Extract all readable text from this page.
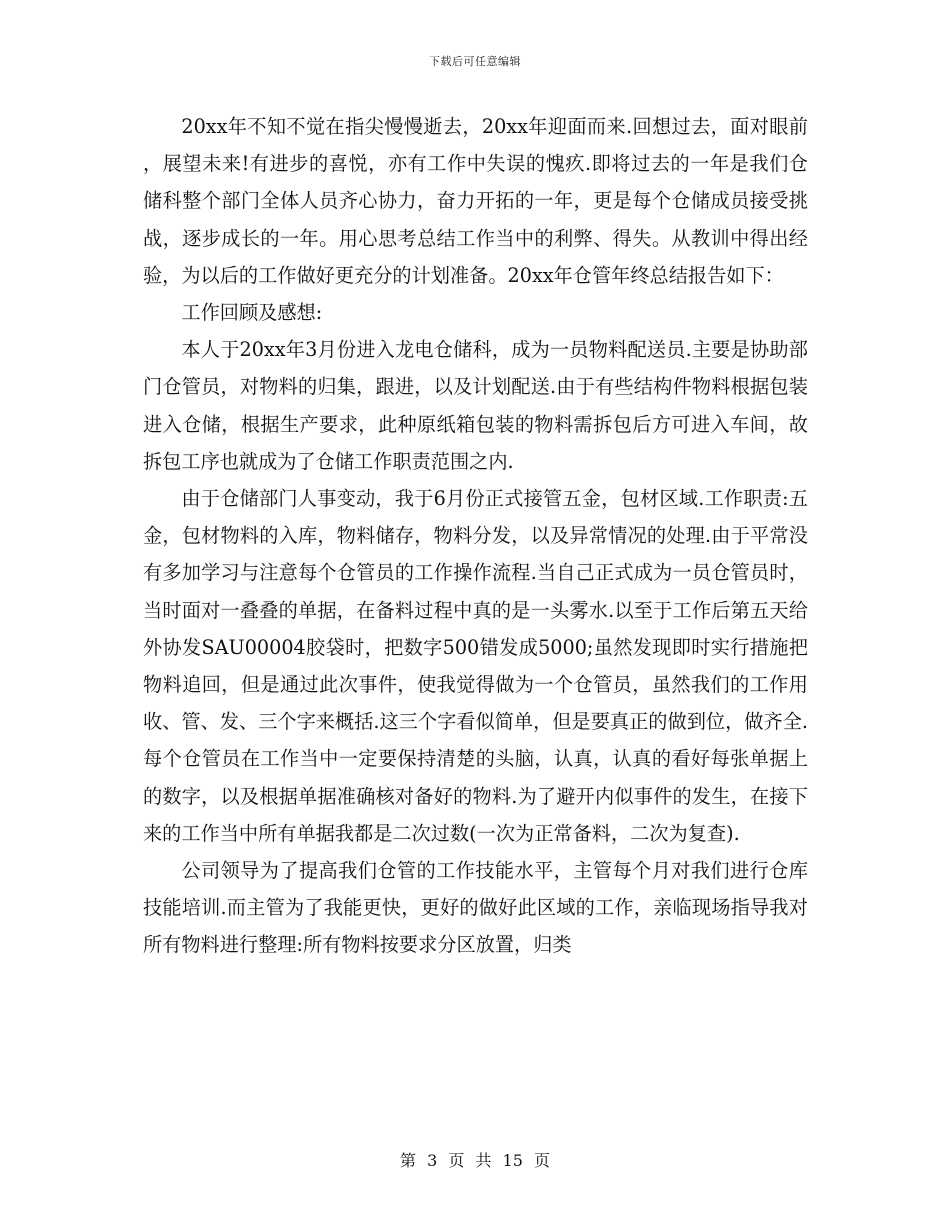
下载后可任意编辑

20xx年不知不觉在指尖慢慢逝去，20xx年迎面而来.回想过去，面对眼前，展望未来!有进步的喜悦，亦有工作中失误的愧疚.即将过去的一年是我们仓储科整个部门全体人员齐心协力，奋力开拓的一年，更是每个仓储成员接受挑战，逐步成长的一年。用心思考总结工作当中的利弊、得失。从教训中得出经验，为以后的工作做好更充分的计划准备。20xx年仓管年终总结报告如下：

工作回顾及感想:

本人于20xx年3月份进入龙电仓储科，成为一员物料配送员.主要是协助部门仓管员，对物料的归集，跟进，以及计划配送.由于有些结构件物料根据包装进入仓储，根据生产要求，此种原纸箱包装的物料需拆包后方可进入车间，故拆包工序也就成为了仓储工作职责范围之内.

由于仓储部门人事变动，我于6月份正式接管五金，包材区域.工作职责:五金，包材物料的入库，物料储存，物料分发，以及异常情况的处理.由于平常没有多加学习与注意每个仓管员的工作操作流程.当自己正式成为一员仓管员时，当时面对一叠叠的单据，在备料过程中真的是一头雾水.以至于工作后第五天给外协发SAU00004胶袋时，把数字500错发成5000;虽然发现即时实行措施把物料追回，但是通过此次事件，使我觉得做为一个仓管员，虽然我们的工作用收、管、发、三个字来概括.这三个字看似简单，但是要真正的做到位，做齐全.每个仓管员在工作当中一定要保持清楚的头脑，认真，认真的看好每张单据上的数字，以及根据单据准确核对备好的物料.为了避开内似事件的发生，在接下来的工作当中所有单据我都是二次过数(一次为正常备料，二次为复查).

公司领导为了提高我们仓管的工作技能水平，主管每个月对我们进行仓库技能培训.而主管为了我能更快，更好的做好此区域的工作，亲临现场指导我对所有物料进行整理:所有物料按要求分区放置，归类

第 3 页 共 15 页
